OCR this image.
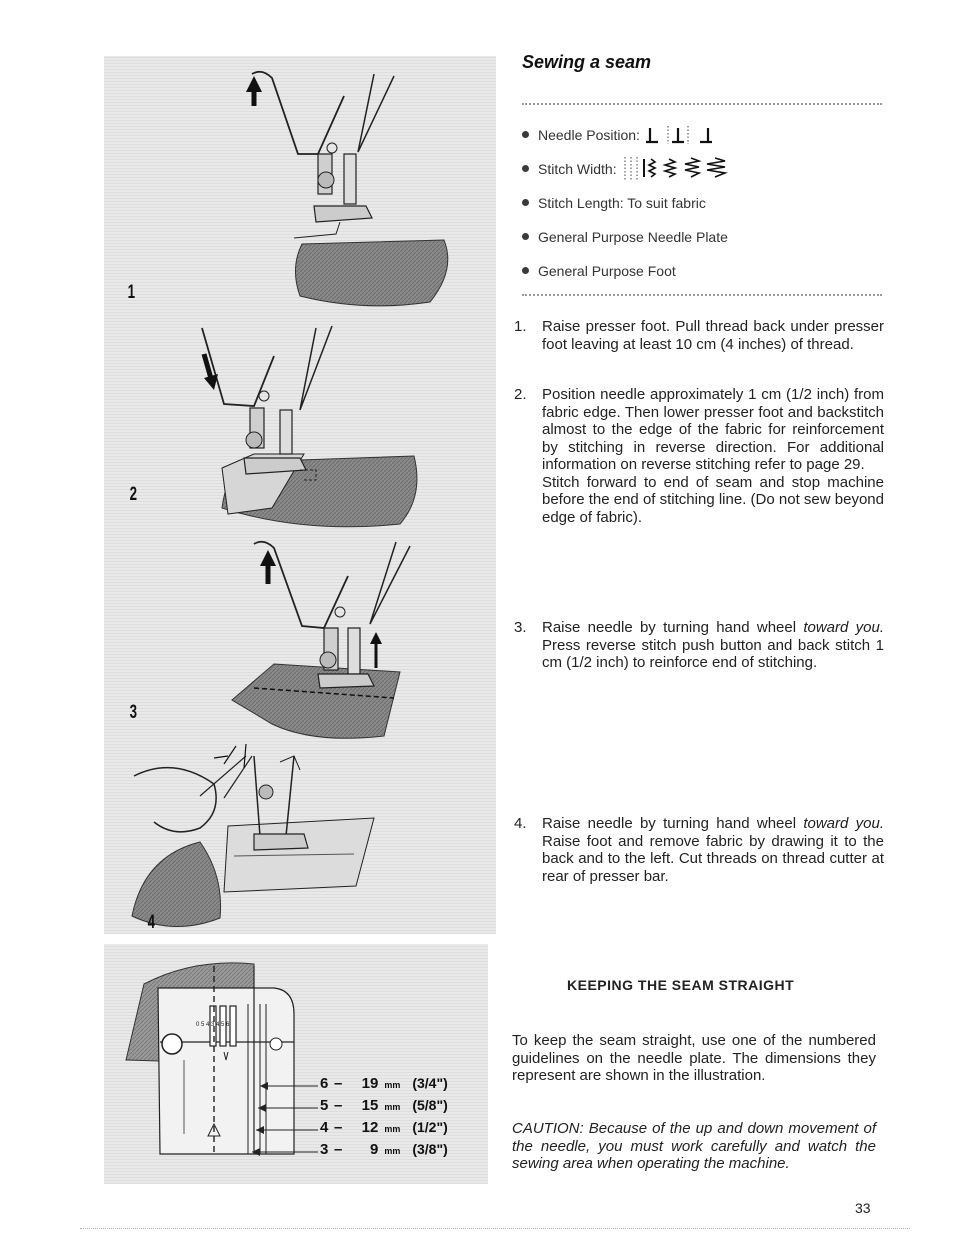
1
2
3
4
0 5 4 3 4 5 6
6 –	19 mm (3/4")
5 –	15 mm (5/8")
4 –	12 mm (1/2")
3 –	9 mm (3/8")
Sewing a seam
Needle Position:
Stitch Width:
Stitch Length: To suit fabric
General Purpose Needle Plate
General Purpose Foot
1. Raise presser foot. Pull thread back under presser foot leaving at least 10 cm (4 inches) of thread.

2. Position needle approximately 1 cm (1/2 inch) from fabric edge. Then lower presser foot and backstitch almost to the edge of the fabric for reinforcement by stitching in reverse direction. For additional information on reverse stitching refer to page 29.

Stitch forward to end of seam and stop machine before the end of stitching line. (Do not sew beyond edge of fabric).

3. Raise needle by turning hand wheel toward you. Press reverse stitch push button and back stitch 1 cm (1/2 inch) to reinforce end of stitching.

4. Raise needle by turning hand wheel toward you. Raise foot and remove fabric by drawing it to the back and to the left. Cut threads on thread cutter at rear of presser bar.

KEEPING THE SEAM STRAIGHT

To keep the seam straight, use one of the numbered guidelines on the needle plate. The dimensions they represent are shown in the illustration.

CAUTION: Because of the up and down movement of the needle, you must work carefully and watch the sewing area when operating the machine.

33
